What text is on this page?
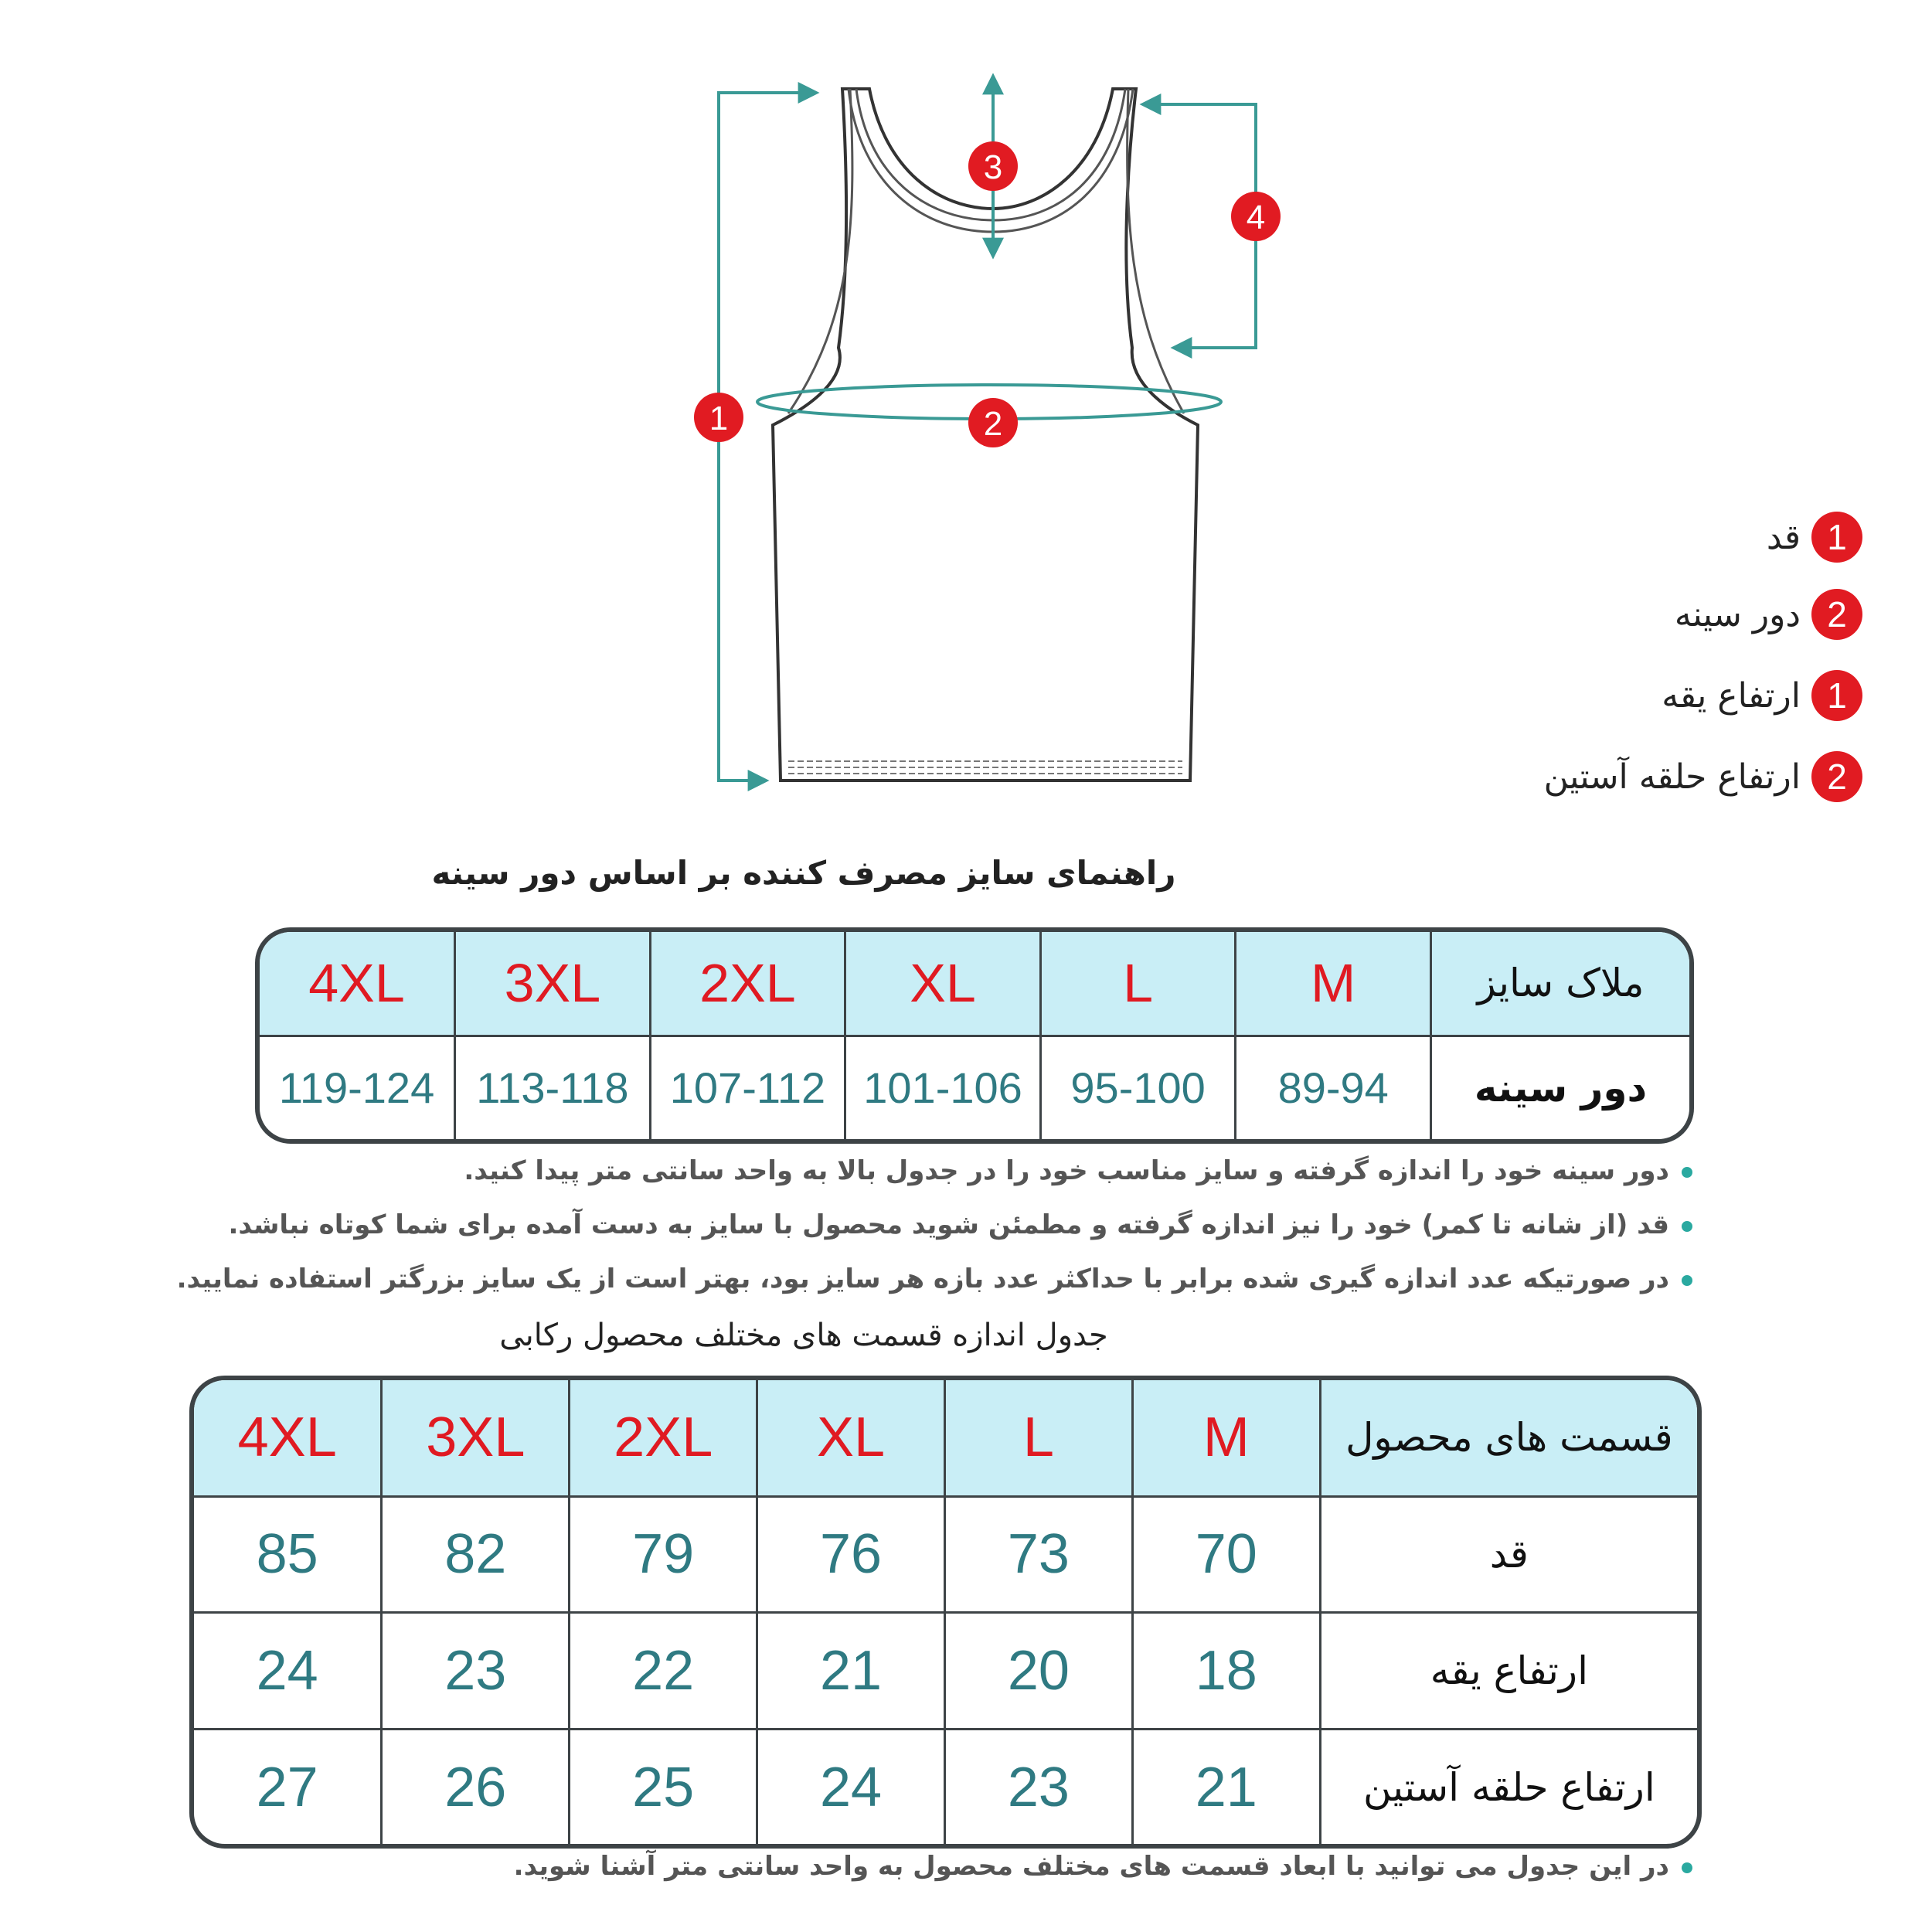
1	2
3
4
1
قد
2
دور سینه
1
ارتفاع یقه
2
ارتفاع حلقه آستین
راهنمای سایز مصرف کننده بر اساس دور سینه
4XL	3XL	2XL	XL	L	M	ملاک سایز
119-124	113-118	107-112	101-106	95-100	89-94	دور سینه
دور سینه خود را اندازه گرفته و سایز مناسب خود را در جدول بالا به واحد سانتی متر پیدا کنید.
قد (از شانه تا کمر) خود را نیز اندازه گرفته و مطمئن شوید محصول با سایز به دست آمده برای شما کوتاه نباشد.
در صورتیکه عدد اندازه گیری شده برابر با حداکثر عدد بازه هر سایز بود، بهتر است از یک سایز بزرگتر استفاده نمایید.
جدول اندازه قسمت های مختلف محصول رکابی
4XL	3XL	2XL	XL	L	M	قسمت های محصول
85	82	79	76	73	70	قد
24	23	22	21	20	18	ارتفاع یقه
27	26	25	24	23	21	ارتفاع حلقه آستین
در این جدول می توانید با ابعاد قسمت های مختلف محصول به واحد سانتی متر آشنا شوید.
